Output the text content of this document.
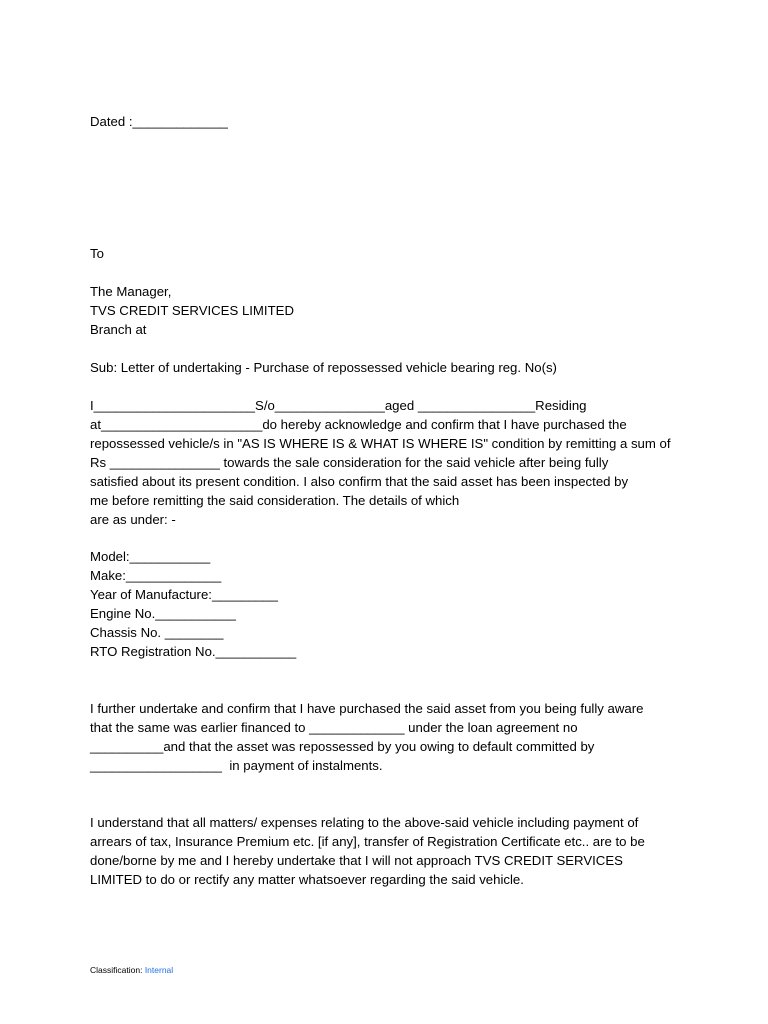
Dated :_____________
To
The Manager,
TVS CREDIT SERVICES LIMITED
Branch at
Sub: Letter of undertaking - Purchase of repossessed vehicle bearing reg. No(s)
I______________________S/o_______________aged ________________Residing
at______________________do hereby acknowledge and confirm that I have purchased the
repossessed vehicle/s in "AS IS WHERE IS & WHAT IS WHERE IS" condition by remitting a sum of
Rs _______________ towards the sale consideration for the said vehicle after being fully
satisfied about its present condition. I also confirm that the said asset has been inspected by
me before remitting the said consideration. The details of which
are as under: -
Model:___________
Make:_____________
Year of Manufacture:_________
Engine No.___________
Chassis No. ________
RTO Registration No.___________
I further undertake and confirm that I have purchased the said asset from you being fully aware
that the same was earlier financed to _____________ under the loan agreement no
__________and that the asset was repossessed by you owing to default committed by
__________________  in payment of instalments.
I understand that all matters/ expenses relating to the above-said vehicle including payment of
arrears of tax, Insurance Premium etc. [if any], transfer of Registration Certificate etc.. are to be
done/borne by me and I hereby undertake that I will not approach TVS CREDIT SERVICES
LIMITED to do or rectify any matter whatsoever regarding the said vehicle.
Classification: Internal
